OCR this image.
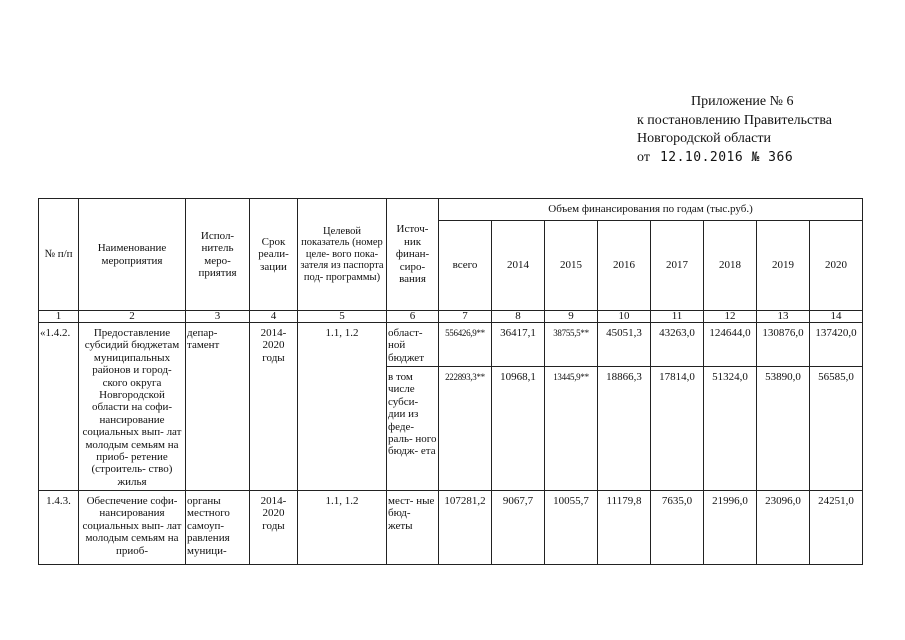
Приложение № 6
к постановлению Правительства
Новгородской области
от 12.10.2016 № 366
№ п/п	Наименование мероприятия	Испол- нитель меро- приятия	Срок реали- зации	Целевой показатель (номер целе- вого пока- зателя из паспорта под- программы)	Источ- ник финан- сиро- вания	Объем финансирования по годам (тыс.руб.)							
						всего	2014	2015	2016	2017	2018	2019	2020
1	2	3	4	5	6	7	8	9	10	11	12	13	14
«1.4.2.	Предоставление субсидий бюджетам муниципальных районов и город- ского округа Новгородской области на софи- нансирование социальных вып- лат молодым семьям на приоб- ретение (строитель- ство) жилья	депар- тамент	2014- 2020 годы	1.1, 1.2	област- ной бюджет	556426,9**	36417,1	38755,5**	45051,3	43263,0	124644,0	130876,0	137420,0
					в том числе субси- дии из феде- раль- ного бюдж- ета	222893,3**	10968,1	13445,9**	18866,3	17814,0	51324,0	53890,0	56585,0
1.4.3.	Обеспечение софи- нансирования социальных вып- лат молодым семьям на приоб-	органы местного самоуп- равления муници-	2014- 2020 годы	1.1, 1.2	мест- ные бюд- жеты	107281,2	9067,7	10055,7	11179,8	7635,0	21996,0	23096,0	24251,0
